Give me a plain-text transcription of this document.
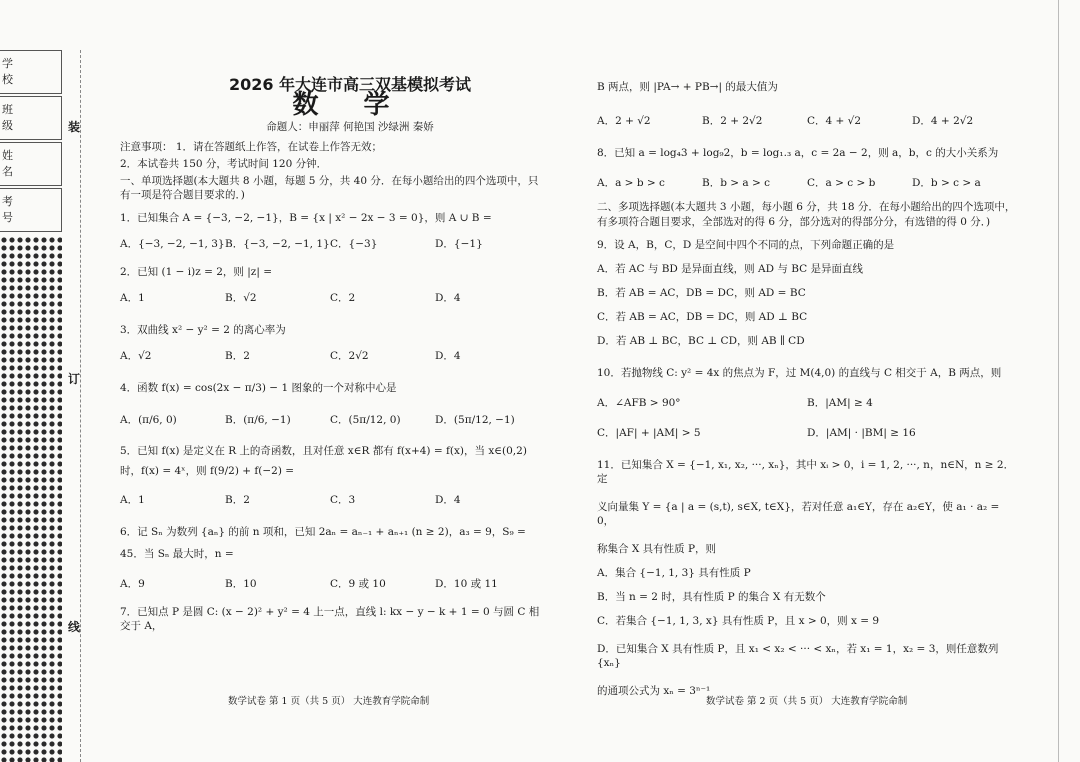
学 校
班 级
姓 名
考 号
装
订
线
2026 年大连市高三双基模拟考试
数 学
命题人：申丽萍 何艳国 沙绿洲 秦娇
注意事项： 1．请在答题纸上作答，在试卷上作答无效；
2．本试卷共 150 分，考试时间 120 分钟．
一、单项选择题(本大题共 8 小题，每题 5 分，共 40 分．在每小题给出的四个选项中，只有一项是符合题目要求的．)
1．已知集合 A = {−3, −2, −1}，B = {x | x² − 2x − 3 = 0}，则 A ∪ B =
A．{−3, −2, −1, 3} B．{−3, −2, −1, 1} C．{−3}	D．{−1}
2．已知 (1 − i)z = 2，则 |z| =
A．1	B．√2	C．2	D．4
3．双曲线 x² − y² = 2 的离心率为
A．√2	B．2	C．2√2	D．4
4．函数 f(x) = cos(2x − π/3) − 1 图象的一个对称中心是
A．(π/6, 0)	B．(π/6, −1)	C．(5π/12, 0)	D．(5π/12, −1)
5．已知 f(x) 是定义在 R 上的奇函数，且对任意 x∈R 都有 f(x+4) = f(x)，当 x∈(0,2) 时，f(x) = 4ˣ，则 f(9/2) + f(−2) =
A．1	B．2	C．3	D．4
6．记 Sₙ 为数列 {aₙ} 的前 n 项和，已知 2aₙ = aₙ₋₁ + aₙ₊₁ (n ≥ 2)，a₃ = 9，S₉ = 45．当 Sₙ 最大时，n =
A．9	B．10	C．9 或 10	D．10 或 11
7．已知点 P 是圆 C: (x − 2)² + y² = 4 上一点，直线 l: kx − y − k + 1 = 0 与圆 C 相交于 A，
数学试卷 第 1 页（共 5 页） 大连教育学院命制
B 两点，则 |PA→ + PB→| 的最大值为
A．2 + √2	B．2 + 2√2	C．4 + √2	D．4 + 2√2
8．已知 a = log₄3 + log₉2，b = log₁.₃ a，c = 2a − 2，则 a，b，c 的大小关系为
A．a > b > c	B．b > a > c	C．a > c > b	D．b > c > a
二、多项选择题(本大题共 3 小题，每小题 6 分，共 18 分．在每小题给出的四个选项中，有多项符合题目要求，全部选对的得 6 分，部分选对的得部分分，有选错的得 0 分．)
9．设 A，B，C，D 是空间中四个不同的点，下列命题正确的是
A．若 AC 与 BD 是异面直线，则 AD 与 BC 是异面直线
B．若 AB = AC，DB = DC，则 AD = BC
C．若 AB = AC，DB = DC，则 AD ⊥ BC
D．若 AB ⊥ BC，BC ⊥ CD，则 AB ∥ CD
10．若抛物线 C: y² = 4x 的焦点为 F，过 M(4,0) 的直线与 C 相交于 A，B 两点，则
A．∠AFB > 90°	B．|AM| ≥ 4
C．|AF| + |AM| > 5	D．|AM| · |BM| ≥ 16
11．已知集合 X = {−1, x₁, x₂, ···, xₙ}，其中 xᵢ > 0，i = 1, 2, ···, n，n∈N，n ≥ 2．定
义向量集 Y = {a | a = (s,t), s∈X, t∈X}，若对任意 a₁∈Y，存在 a₂∈Y，使 a₁ · a₂ = 0，
称集合 X 具有性质 P，则
A．集合 {−1, 1, 3} 具有性质 P
B．当 n = 2 时，具有性质 P 的集合 X 有无数个
C．若集合 {−1, 1, 3, x} 具有性质 P，且 x > 0，则 x = 9
D．已知集合 X 具有性质 P，且 x₁ < x₂ < ··· < xₙ，若 x₁ = 1，x₂ = 3，则任意数列 {xₙ}
的通项公式为 xₙ = 3ⁿ⁻¹
数学试卷 第 2 页（共 5 页） 大连教育学院命制
